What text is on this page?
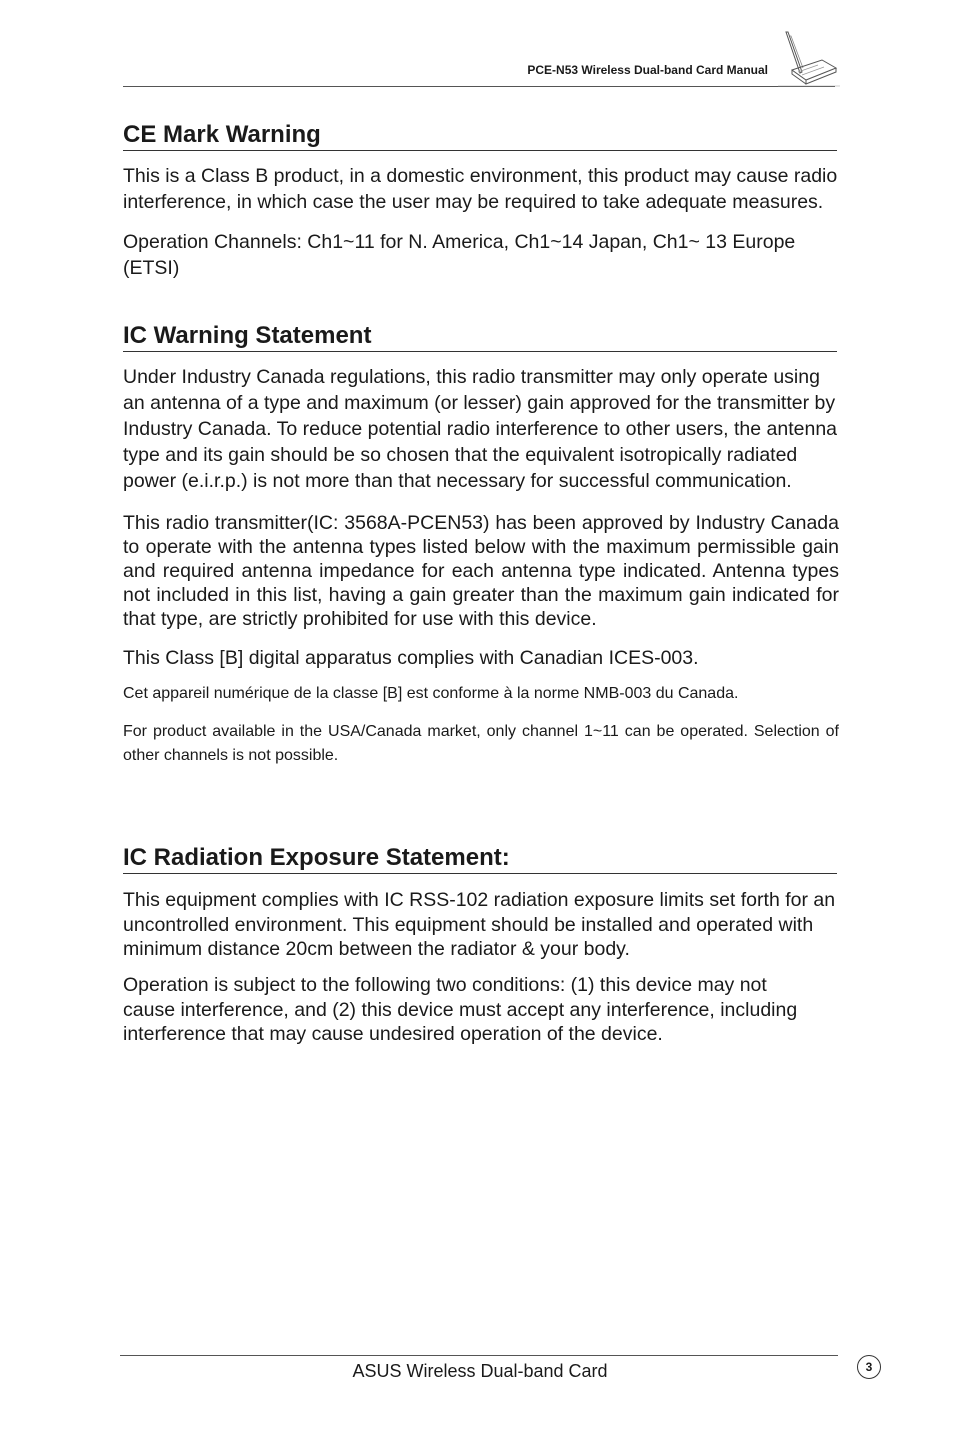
PCE-N53 Wireless Dual-band Card Manual
CE Mark Warning

This is a Class B product, in a domestic environment, this product may cause radio interference, in which case the user may be required to take adequate measures.

Operation Channels: Ch1~11 for N. America, Ch1~14 Japan, Ch1~ 13 Europe (ETSI)

IC Warning Statement

Under Industry Canada regulations, this radio transmitter may only operate using an antenna of a type and maximum (or lesser) gain approved for the transmitter by Industry Canada. To reduce potential radio interference to other users, the antenna type and its gain should be so chosen that the equivalent isotropically radiated power (e.i.r.p.) is not more than that necessary for successful communication.

This radio transmitter(IC: 3568A-PCEN53) has been approved by Industry Canada to operate with the antenna types listed below with the maximum permissible gain and required antenna impedance for each antenna type indicated. Antenna types not included in this list, having a gain greater than the maximum gain indicated for that type, are strictly prohibited for use with this device.

This Class [B] digital apparatus complies with Canadian ICES-003.

Cet appareil numérique de la classe [B] est conforme à la norme NMB-003 du Canada.

For product available in the USA/Canada market, only channel 1~11 can be operated. Selection of other channels is not possible.

IC Radiation Exposure Statement:

This equipment complies with IC RSS-102 radiation exposure limits set forth for an uncontrolled environment. This equipment should be installed and operated with minimum distance 20cm between the radiator & your body.

Operation is subject to the following two conditions: (1) this device may not cause interference, and (2) this device must accept any interference, including interference that may cause undesired operation of the device.

ASUS Wireless Dual-band Card	3
